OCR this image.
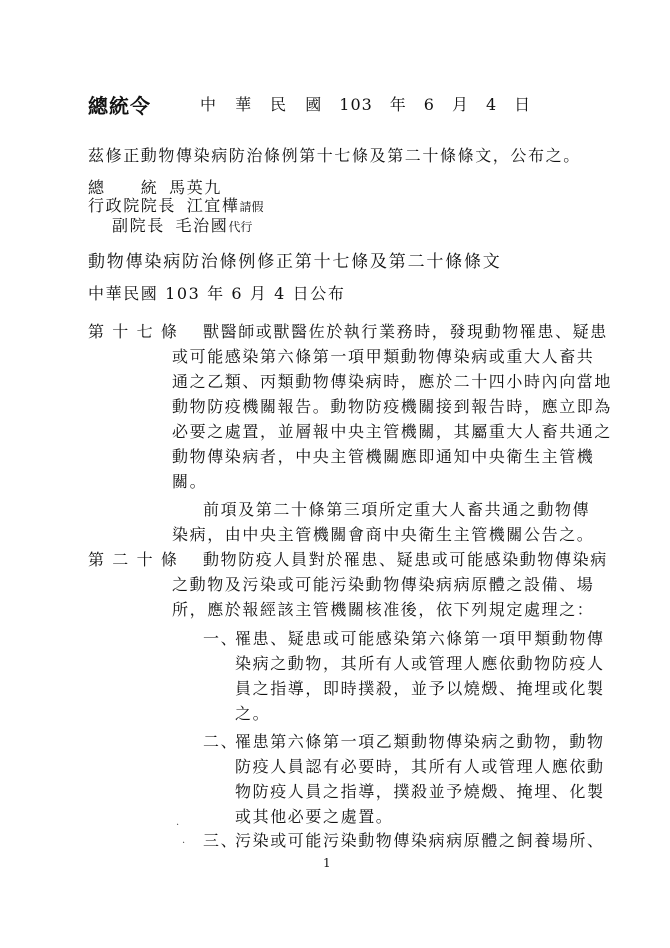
總統令	中 華 民 國　103　年　6　月　4　日
茲修正動物傳染病防治條例第十七條及第二十條條文，公布之。
總　　統 馬英九
行政院院長 江宜樺請假
副院長 毛治國代行
動物傳染病防治條例修正第十七條及第二十條條文
中華民國 103 年 6 月 4 日公布
第 十 七 條 獸醫師或獸醫佐於執行業務時，發現動物罹患、疑患
或可能感染第六條第一項甲類動物傳染病或重大人畜共
通之乙類、丙類動物傳染病時，應於二十四小時內向當地
動物防疫機關報告。動物防疫機關接到報告時，應立即為
必要之處置，並層報中央主管機關，其屬重大人畜共通之
動物傳染病者，中央主管機關應即通知中央衛生主管機
關。
前項及第二十條第三項所定重大人畜共通之動物傳
染病，由中央主管機關會商中央衛生主管機關公告之。
第 二 十 條 動物防疫人員對於罹患、疑患或可能感染動物傳染病
之動物及污染或可能污染動物傳染病病原體之設備、場
所，應於報經該主管機關核准後，依下列規定處理之：
一、
罹患、疑患或可能感染第六條第一項甲類動物傳
染病之動物，其所有人或管理人應依動物防疫人
員之指導，即時撲殺，並予以燒燬、掩埋或化製
之。
二、
罹患第六條第一項乙類動物傳染病之動物，動物
防疫人員認有必要時，其所有人或管理人應依動
物防疫人員之指導，撲殺並予燒燬、掩埋、化製
或其他必要之處置。
·
· 三、
污染或可能污染動物傳染病病原體之飼養場所、
1
